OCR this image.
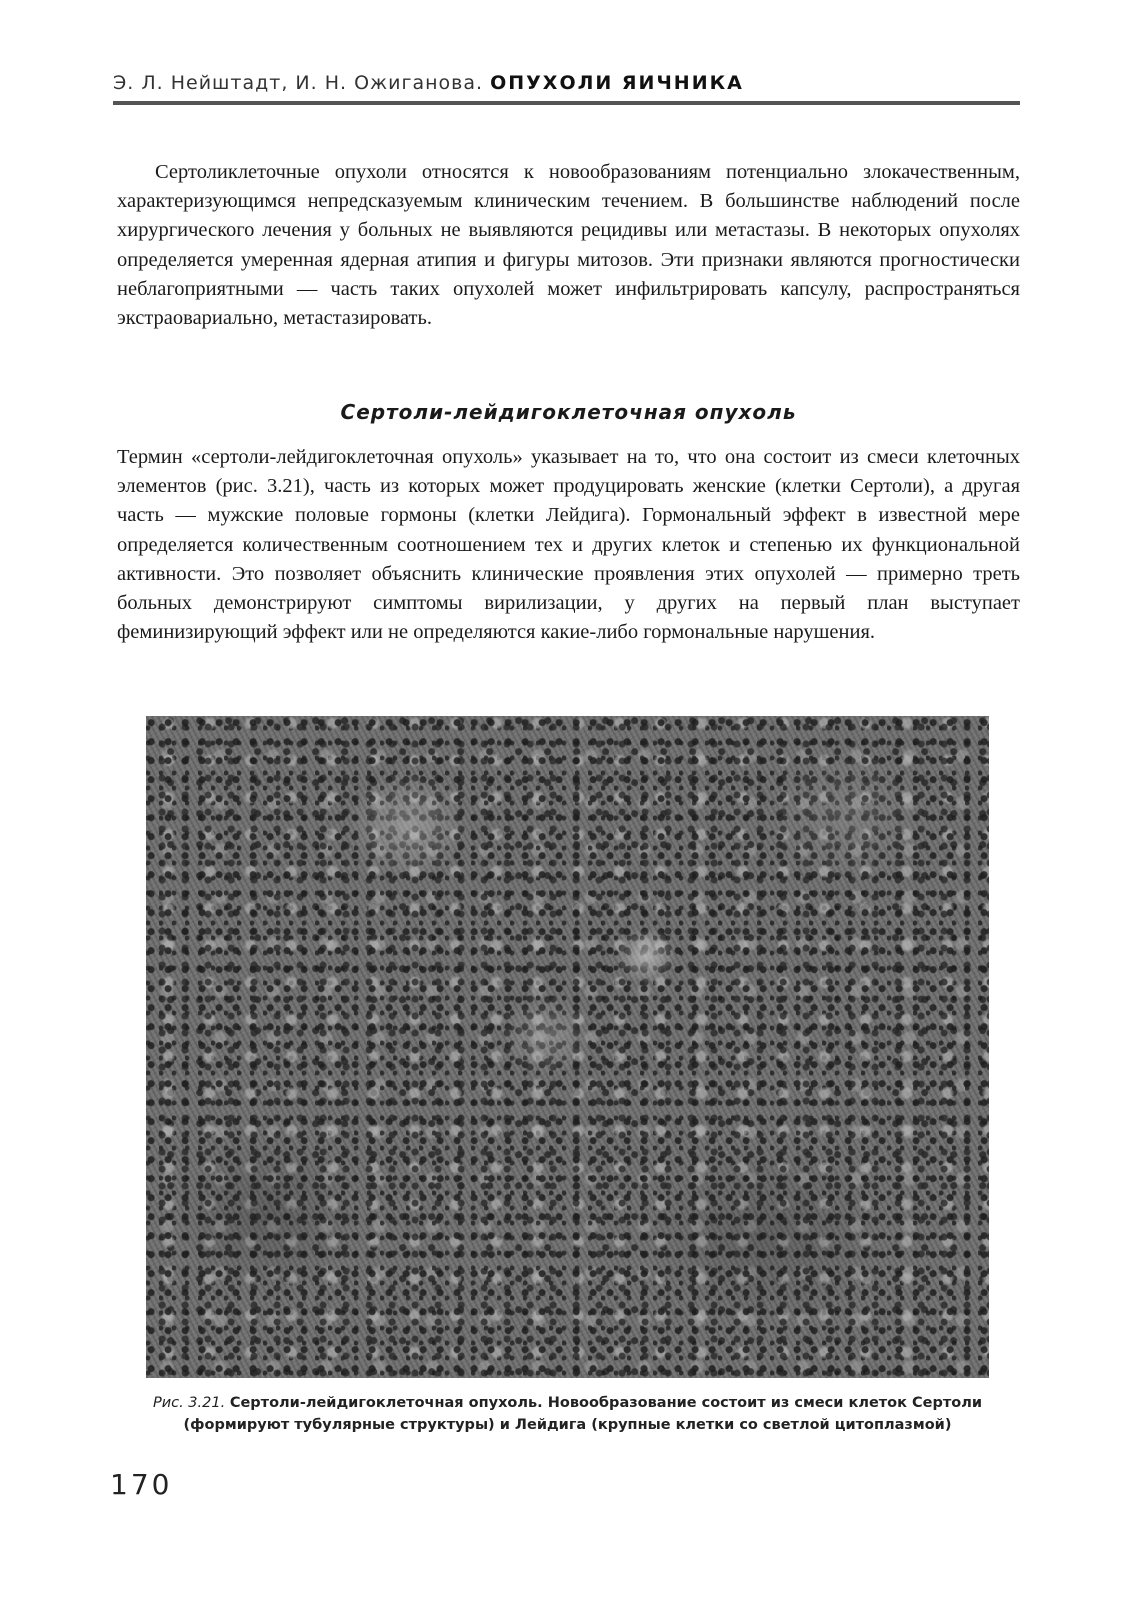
Э. Л. Нейштадт, И. Н. Ожиганова. ОПУХОЛИ ЯИЧНИКА

Сертоликлеточные опухоли относятся к новообразованиям потенциально злокачественным, характеризующимся непредсказуемым клиническим течением. В большинстве наблюдений после хирургического лечения у больных не выявляются рецидивы или метастазы. В некоторых опухолях определяется умеренная ядерная атипия и фигуры митозов. Эти признаки являются прогностически неблагоприятными — часть таких опухолей может инфильтрировать капсулу, распространяться экстраовариально, метастазировать.

Сертоли-лейдигоклеточная опухоль

Термин «сертоли-лейдигоклеточная опухоль» указывает на то, что она состоит из смеси клеточных элементов (рис. 3.21), часть из которых может продуцировать женские (клетки Сертоли), а другая часть — мужские половые гормоны (клетки Лейдига). Гормональный эффект в известной мере определяется количественным соотношением тех и других клеток и степенью их функциональной активности. Это позволяет объяснить клинические проявления этих опухолей — примерно треть больных демонстрируют симптомы вирилизации, у других на первый план выступает феминизирующий эффект или не определяются какие-либо гормональные нарушения.

Рис. 3.21. Сертоли-лейдигоклеточная опухоль. Новообразование состоит из смеси клеток Сертоли (формируют тубулярные структуры) и Лейдига (крупные клетки со светлой цитоплазмой)

170
